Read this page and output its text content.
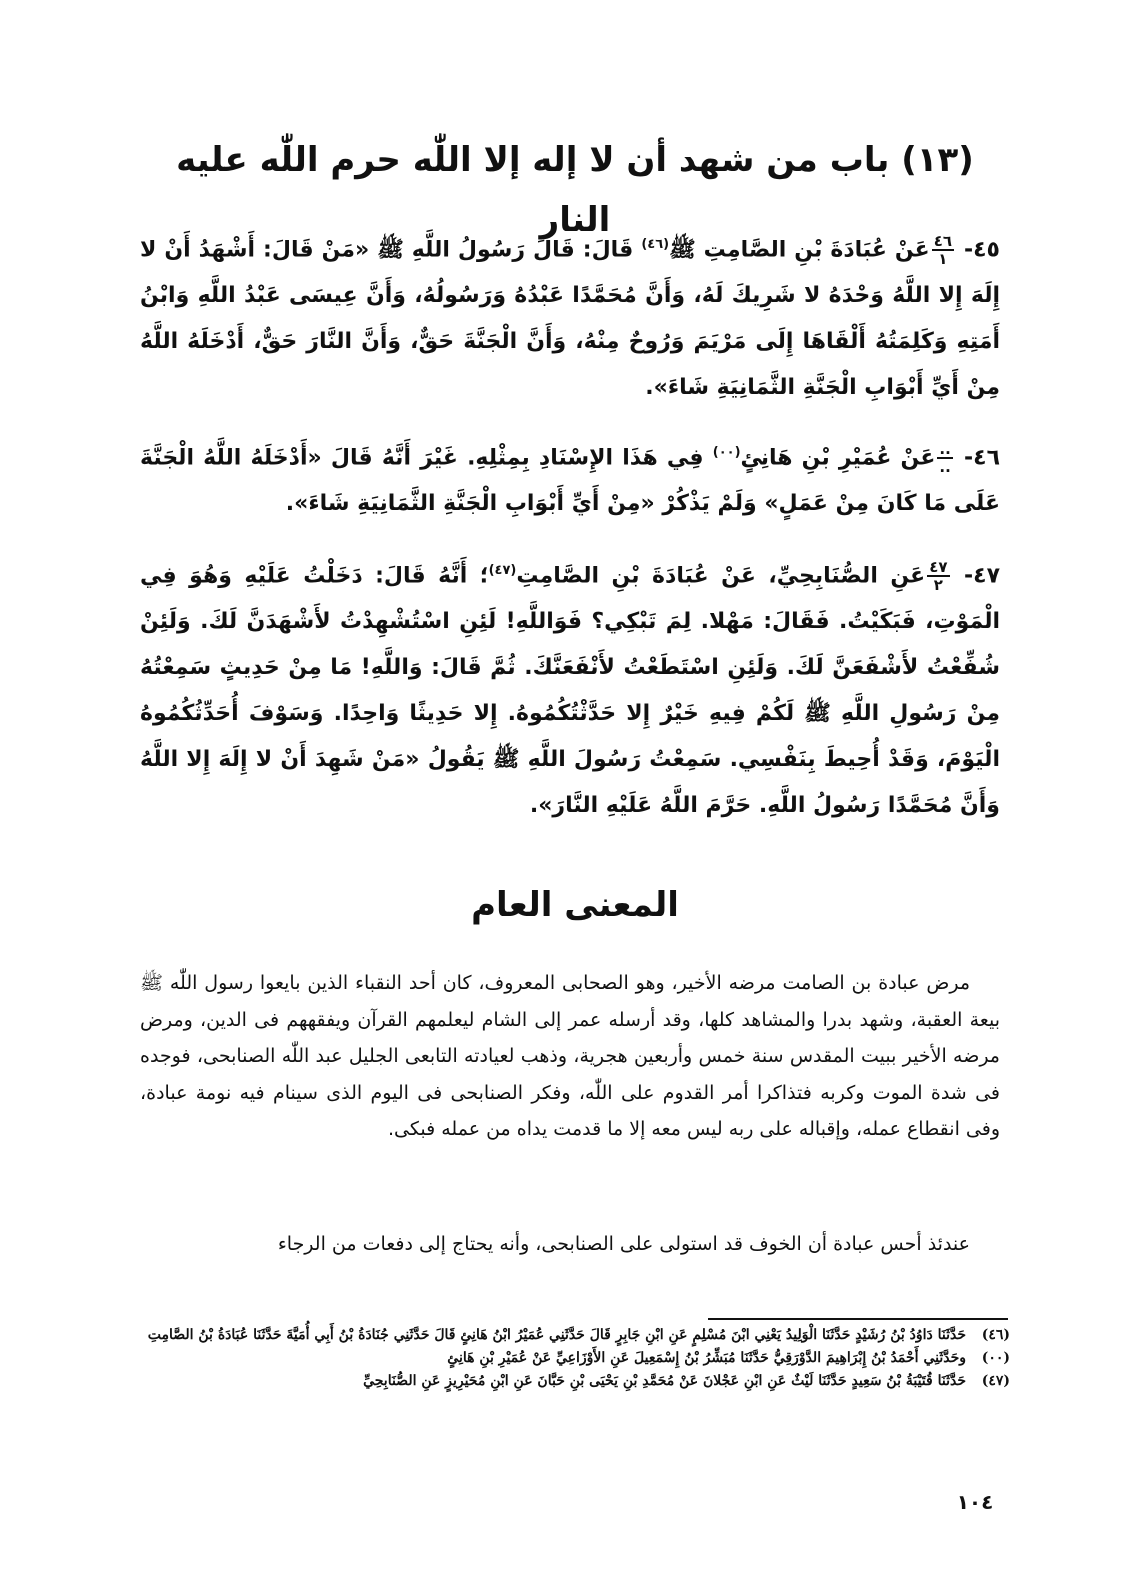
(١٣) باب من شهد أن لا إله إلا اللّٰه حرم اللّٰه عليه النار
٤٥-
$\frac{٤٦}{١}$
عَنْ عُبَادَةَ بْنِ الصَّامِتِ ﷺ$^{(٤٦)}$ قَالَ: قَالَ رَسُولُ اللَّهِ ﷺ «مَنْ قَالَ: أَشْهَدُ أَنْ لا إِلَهَ إِلا اللَّهُ وَحْدَهُ لا شَرِيكَ لَهُ، وَأَنَّ مُحَمَّدًا عَبْدُهُ وَرَسُولُهُ، وَأَنَّ عِيسَى عَبْدُ اللَّهِ وَابْنُ أَمَتِهِ وَكَلِمَتُهُ أَلْقَاهَا إِلَى مَرْيَمَ وَرُوحٌ مِنْهُ، وَأَنَّ الْجَنَّةَ حَقٌّ، وَأَنَّ النَّارَ حَقٌّ، أَدْخَلَهُ اللَّهُ مِنْ أَيِّ أَبْوَابِ الْجَنَّةِ الثَّمَانِيَةِ شَاءَ».
٤٦-
$\frac{..}{..}$
عَنْ عُمَيْرِ بْنِ هَانِئٍ$^{(٠٠)}$ فِي هَذَا الإِسْنَادِ بِمِثْلِهِ. غَيْرَ أَنَّهُ قَالَ «أَدْخَلَهُ اللَّهُ الْجَنَّةَ عَلَى مَا كَانَ مِنْ عَمَلٍ» وَلَمْ يَذْكُرْ «مِنْ أَيِّ أَبْوَابِ الْجَنَّةِ الثَّمَانِيَةِ شَاءَ».
٤٧-
$\frac{٤٧}{٢}$
عَنِ الصُّنَابِحِيِّ، عَنْ عُبَادَةَ بْنِ الصَّامِتِ$^{(٤٧)}$؛ أَنَّهُ قَالَ: دَخَلْتُ عَلَيْهِ وَهُوَ فِي الْمَوْتِ، فَبَكَيْتُ. فَقَالَ: مَهْلا. لِمَ تَبْكِي؟ فَوَاللَّهِ! لَئِنِ اسْتُشْهِدْتُ لأَشْهَدَنَّ لَكَ. وَلَئِنْ شُفِّعْتُ لأَشْفَعَنَّ لَكَ. وَلَئِنِ اسْتَطَعْتُ لأَنْفَعَنَّكَ. ثُمَّ قَالَ: وَاللَّهِ! مَا مِنْ حَدِيثٍ سَمِعْتُهُ مِنْ رَسُولِ اللَّهِ ﷺ لَكُمْ فِيهِ خَيْرٌ إِلا حَدَّثْتُكُمُوهُ. إِلا حَدِيثًا وَاحِدًا. وَسَوْفَ أُحَدِّثُكُمُوهُ الْيَوْمَ، وَقَدْ أُحِيطَ بِنَفْسِي. سَمِعْتُ رَسُولَ اللَّهِ ﷺ يَقُولُ «مَنْ شَهِدَ أَنْ لا إِلَهَ إِلا اللَّهُ وَأَنَّ مُحَمَّدًا رَسُولُ اللَّهِ. حَرَّمَ اللَّهُ عَلَيْهِ النَّارَ».
المعنى العام

مرض عبادة بن الصامت مرضه الأخير، وهو الصحابى المعروف، كان أحد النقباء الذين بايعوا رسول اللّٰه ﷺ بيعة العقبة، وشهد بدرا والمشاهد كلها، وقد أرسله عمر إلى الشام ليعلمهم القرآن ويفقههم فى الدين، ومرض مرضه الأخير ببيت المقدس سنة خمس وأربعين هجرية، وذهب لعيادته التابعى الجليل عبد اللّٰه الصنابحى، فوجده فى شدة الموت وكربه فتذاكرا أمر القدوم على اللّٰه، وفكر الصنابحى فى اليوم الذى سينام فيه نومة عبادة، وفى انقطاع عمله، وإقباله على ربه ليس معه إلا ما قدمت يداه من عمله فبكى.

عندئذ أحس عبادة أن الخوف قد استولى على الصنابحى، وأنه يحتاج إلى دفعات من الرجاء

(٤٦)
حَدَّثَنَا دَاوُدُ بْنُ رُشَيْدٍ حَدَّثَنَا الْوَلِيدُ يَعْنِي ابْنَ مُسْلِمٍ عَنِ ابْنِ جَابِرٍ قَالَ حَدَّثَنِي عُمَيْرُ ابْنُ هَانِئٍ قَالَ حَدَّثَنِي جُنَادَةُ بْنُ أَبِي أُمَيَّةَ حَدَّثَنَا عُبَادَةُ بْنُ الصَّامِتِ
(٠٠)
وحَدَّثَنِي أَحْمَدُ بْنُ إِبْرَاهِيمَ الدَّوْرَقِيُّ حَدَّثَنَا مُبَشِّرُ بْنُ إِسْمَعِيلَ عَنِ الأَوْزَاعِيِّ عَنْ عُمَيْرِ بْنِ هَانِئٍ
(٤٧)
حَدَّثَنَا قُتَيْبَةُ بْنُ سَعِيدٍ حَدَّثَنَا لَيْثٌ عَنِ ابْنِ عَجْلانَ عَنْ مُحَمَّدِ بْنِ يَحْيَى بْنِ حَبَّانَ عَنِ ابْنِ مُحَيْرِيزٍ عَنِ الصُّنَابِحِيِّ
١٠٤
